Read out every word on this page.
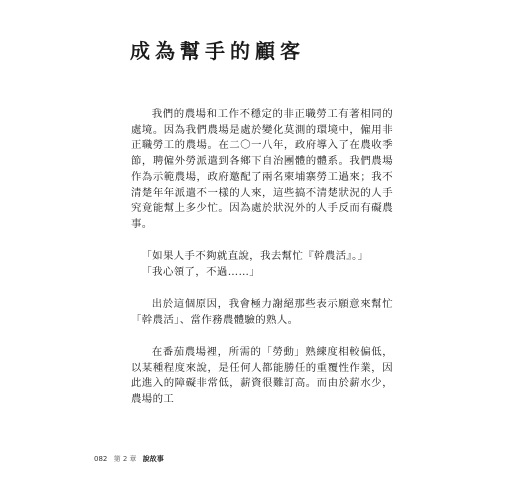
成為幫手的顧客

我們的農場和工作不穩定的非正職勞工有著相同的處境。因為我們農場是處於變化莫測的環境中，僱用非正職勞工的農場。在二〇一八年，政府導入了在農收季節，聘僱外勞派遣到各鄉下自治團體的體系。我們農場作為示範農場，政府邀配了兩名柬埔寨勞工過來；我不清楚年年派遣不一樣的人來，這些搞不清楚狀況的人手究竟能幫上多少忙。因為處於狀況外的人手反而有礙農事。

「如果人手不夠就直說，我去幫忙『幹農活』。」

「我心領了，不過……」

出於這個原因，我會極力謝絕那些表示願意來幫忙「幹農活」、當作務農體驗的熟人。

在番茄農場裡，所需的「勞動」熟練度相較偏低，以某種程度來說，是任何人都能勝任的重覆性作業，因此進入的障礙非常低，薪資很難訂高。而由於薪水少，農場的工

082 第 2 章 說故事
